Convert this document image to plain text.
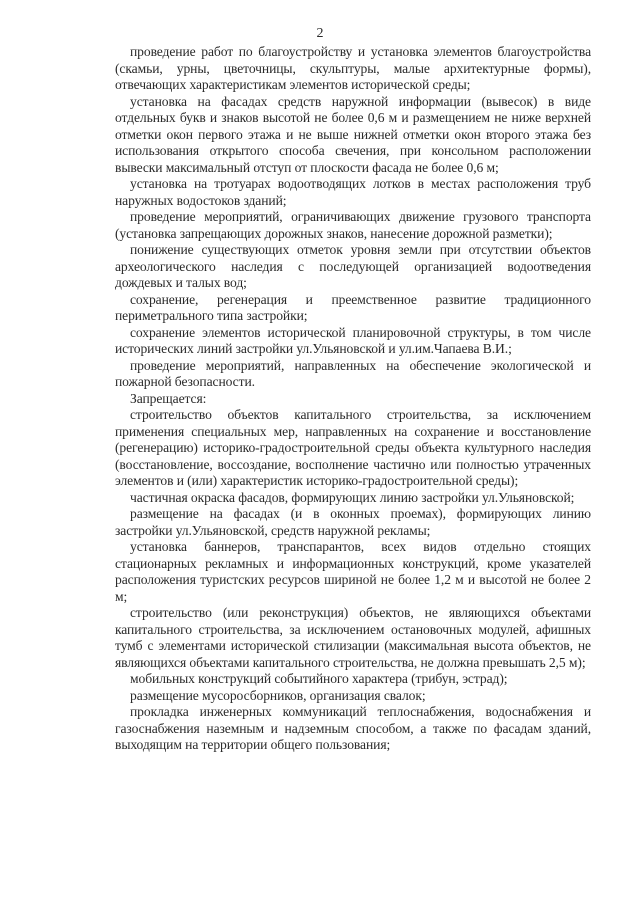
2

проведение работ по благоустройству и установка элементов благоустройства (скамьи, урны, цветочницы, скульптуры, малые архитектурные формы), отвечающих характеристикам элементов исторической среды;

установка на фасадах средств наружной информации (вывесок) в виде отдельных букв и знаков высотой не более 0,6 м и размещением не ниже верхней отметки окон первого этажа и не выше нижней отметки окон второго этажа без использования открытого способа свечения, при консольном расположении вывески максимальный отступ от плоскости фасада не более 0,6 м;

установка на тротуарах водоотводящих лотков в местах расположения труб наружных водостоков зданий;

проведение мероприятий, ограничивающих движение грузового транспорта (установка запрещающих дорожных знаков, нанесение дорожной разметки);

понижение существующих отметок уровня земли при отсутствии объектов археологического наследия с последующей организацией водоотведения дождевых и талых вод;

сохранение, регенерация и преемственное развитие традиционного периметрального типа застройки;

сохранение элементов исторической планировочной структуры, в том числе исторических линий застройки ул.Ульяновской и ул.им.Чапаева В.И.;

проведение мероприятий, направленных на обеспечение экологической и пожарной безопасности.

Запрещается:

строительство объектов капитального строительства, за исключением применения специальных мер, направленных на сохранение и восстановление (регенерацию) историко-градостроительной среды объекта культурного наследия (восстановление, воссоздание, восполнение частично или полностью утраченных элементов и (или) характеристик историко-градостроительной среды);

частичная окраска фасадов, формирующих линию застройки ул.Ульяновской;

размещение на фасадах (и в оконных проемах), формирующих линию застройки ул.Ульяновской, средств наружной рекламы;

установка баннеров, транспарантов, всех видов отдельно стоящих стационарных рекламных и информационных конструкций, кроме указателей расположения туристских ресурсов шириной не более 1,2 м и высотой не более 2 м;

строительство (или реконструкция) объектов, не являющихся объектами капитального строительства, за исключением остановочных модулей, афишных тумб с элементами исторической стилизации (максимальная высота объектов, не являющихся объектами капитального строительства, не должна превышать 2,5 м);

мобильных конструкций событийного характера (трибун, эстрад);

размещение мусоросборников, организация свалок;

прокладка инженерных коммуникаций теплоснабжения, водоснабжения и газоснабжения наземным и надземным способом, а также по фасадам зданий, выходящим на территории общего пользования;
